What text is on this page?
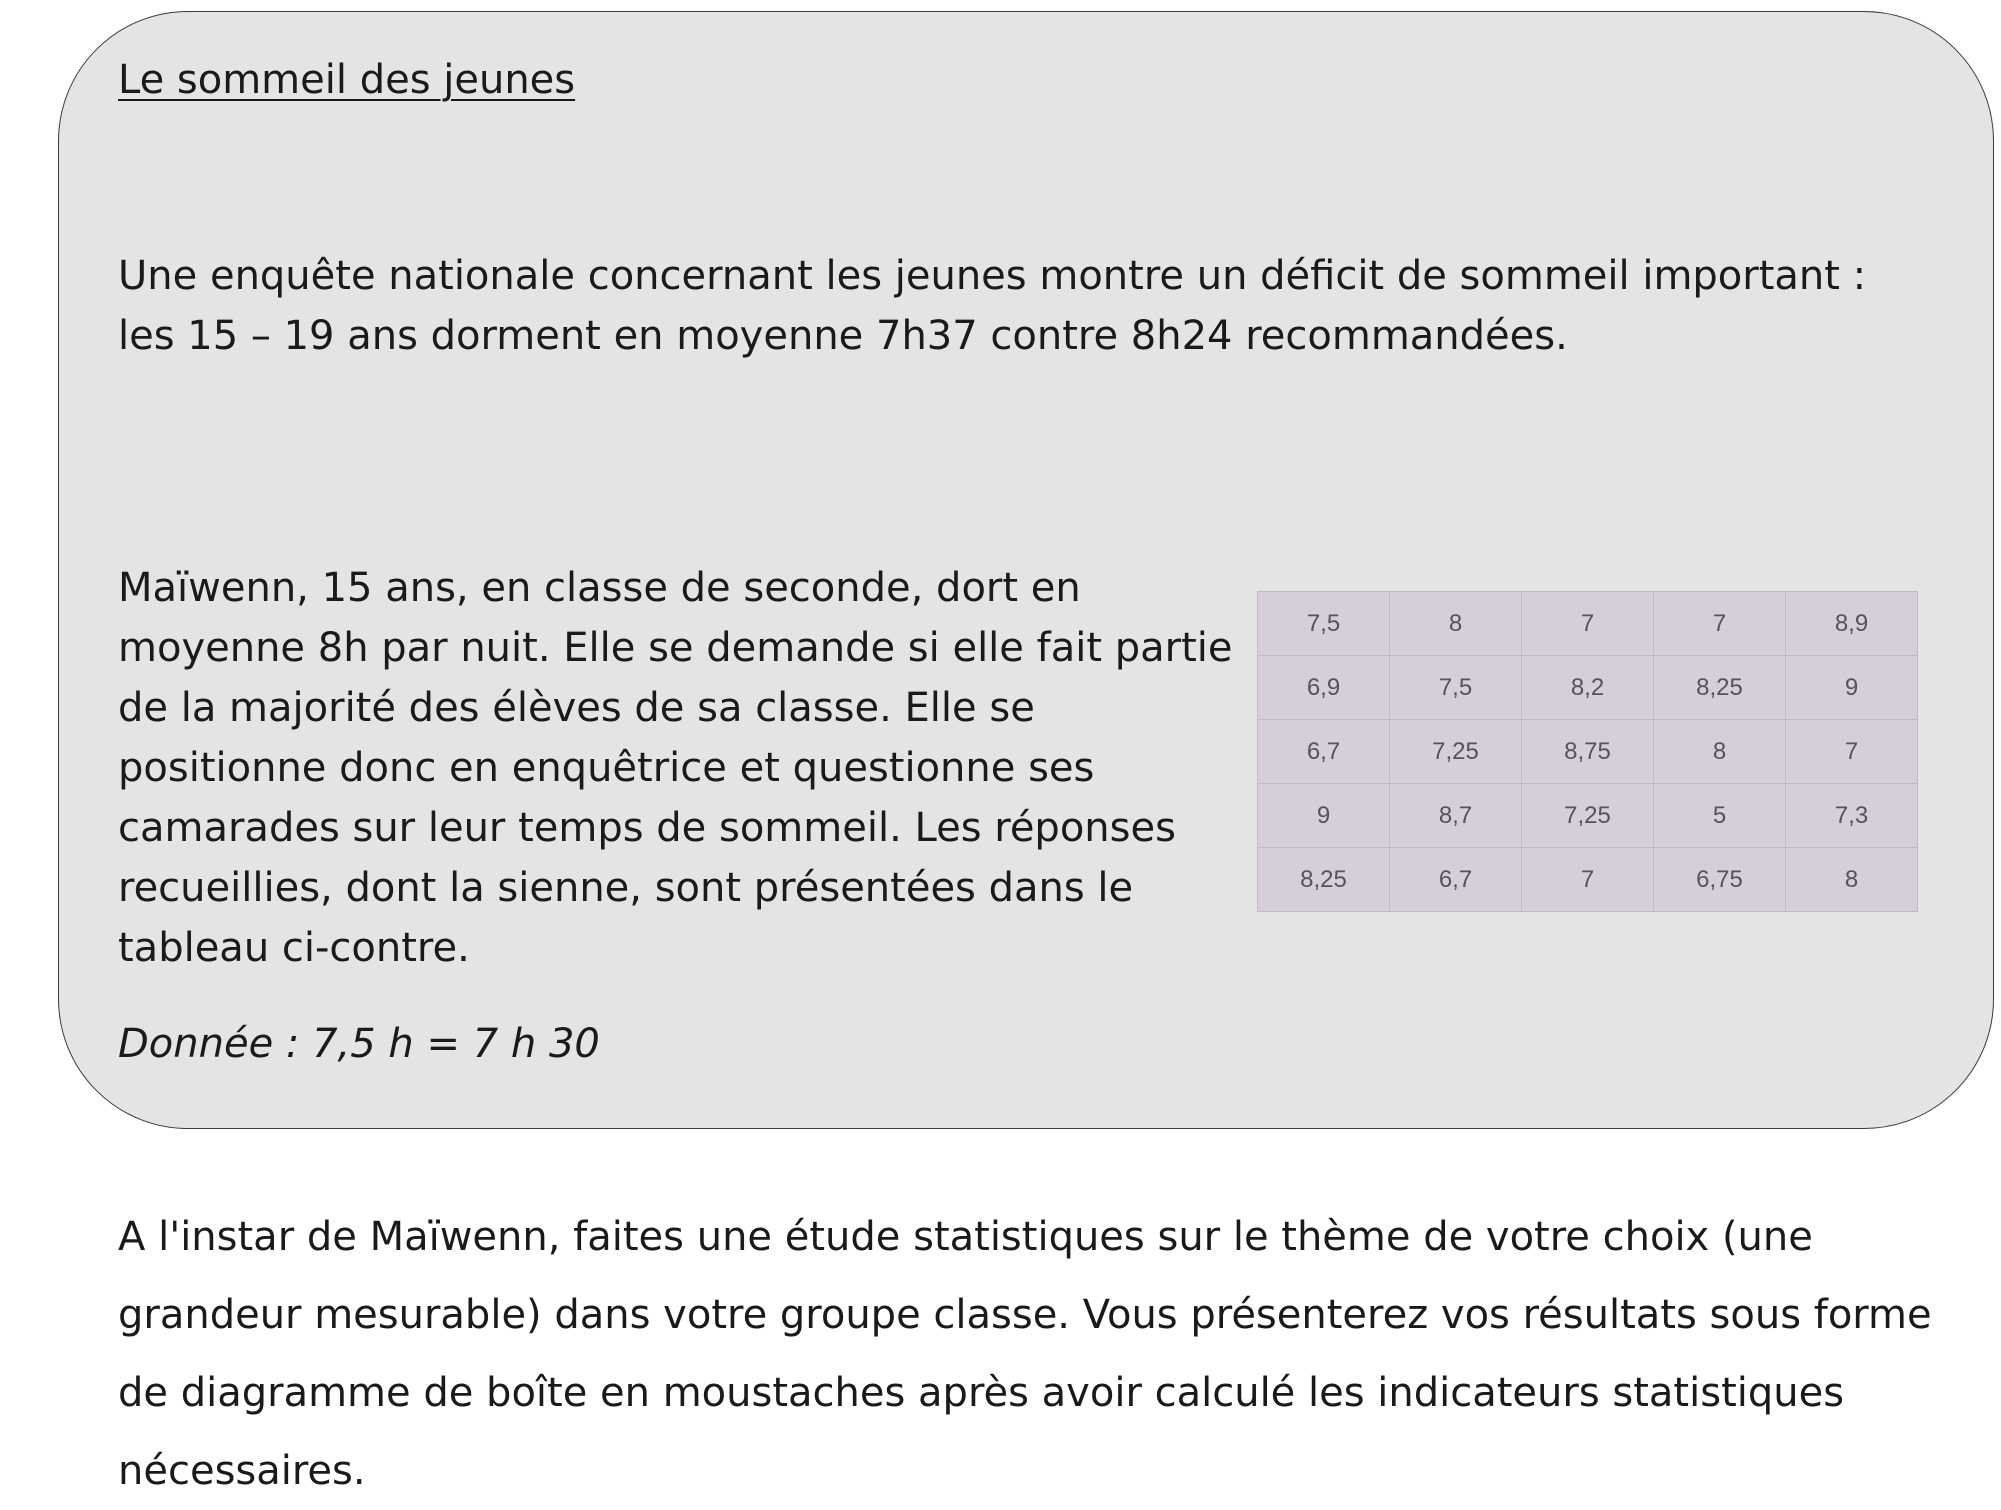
Le sommeil des jeunes

Une enquête nationale concernant les jeunes montre un déficit de sommeil important : les 15 – 19 ans dorment en moyenne 7h37 contre 8h24 recommandées.

Maïwenn, 15 ans, en classe de seconde, dort en moyenne 8h par nuit. Elle se demande si elle fait partie de la majorité des élèves de sa classe. Elle se positionne donc en enquêtrice et questionne ses camarades sur leur temps de sommeil. Les réponses recueillies, dont la sienne, sont présentées dans le tableau ci-contre.

Donnée : 7,5 h = 7 h 30

7,5	8	7	7	8,9
6,9	7,5	8,2	8,25	9
6,7	7,25	8,75	8	7
9	8,7	7,25	5	7,3
8,25	6,7	7	6,75	8

A l'instar de Maïwenn, faites une étude statistiques sur le thème de votre choix (une grandeur mesurable) dans votre groupe classe. Vous présenterez vos résultats sous forme de diagramme de boîte en moustaches après avoir calculé les indicateurs statistiques nécessaires.
